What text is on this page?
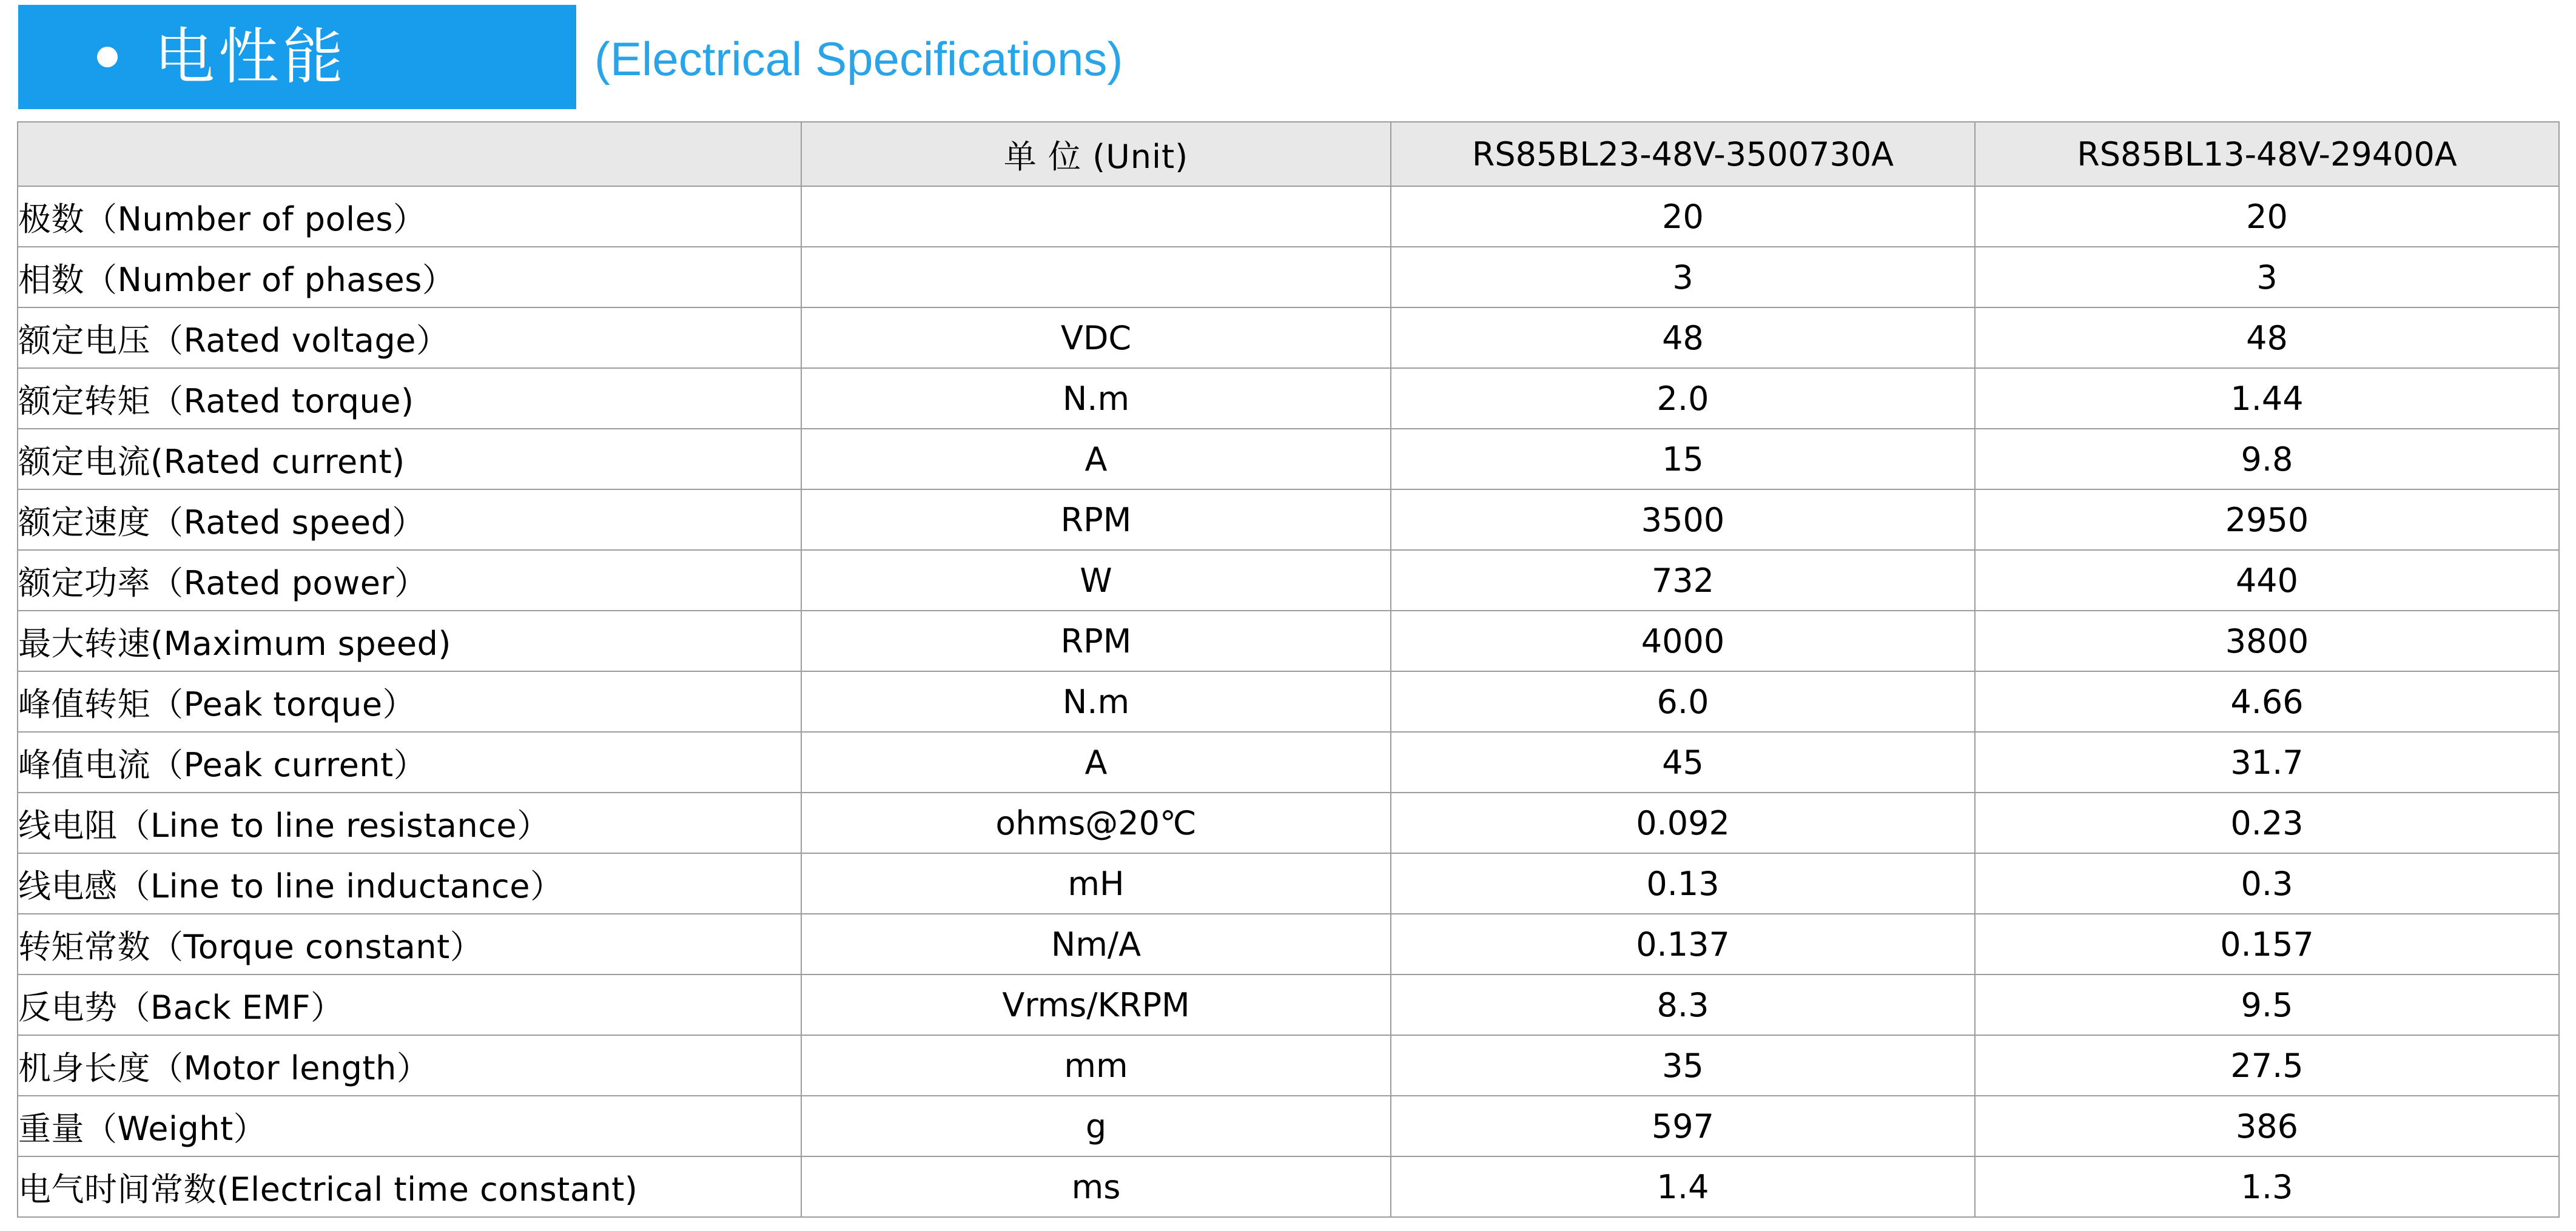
电性能	(Electrical Specifications)
	单 位 (Unit)	RS85BL23-48V-3500730A	RS85BL13-48V-29400A
极数（Number of poles）		20	20
相数（Number of phases）		3	3
额定电压（Rated voltage）	VDC	48	48
额定转矩（Rated torque)	N.m	2.0	1.44
额定电流(Rated current)	A	15	9.8
额定速度（Rated speed）	RPM	3500	2950
额定功率（Rated power）	W	732	440
最大转速(Maximum speed)	RPM	4000	3800
峰值转矩（Peak torque）	N.m	6.0	4.66
峰值电流（Peak current）	A	45	31.7
线电阻（Line to line resistance）	ohms@20℃	0.092	0.23
线电感（Line to line inductance）	mH	0.13	0.3
转矩常数（Torque constant）	Nm/A	0.137	0.157
反电势（Back EMF）	Vrms/KRPM	8.3	9.5
机身长度（Motor length）	mm	35	27.5
重量（Weight）	g	597	386
电气时间常数(Electrical time constant)	ms	1.4	1.3
